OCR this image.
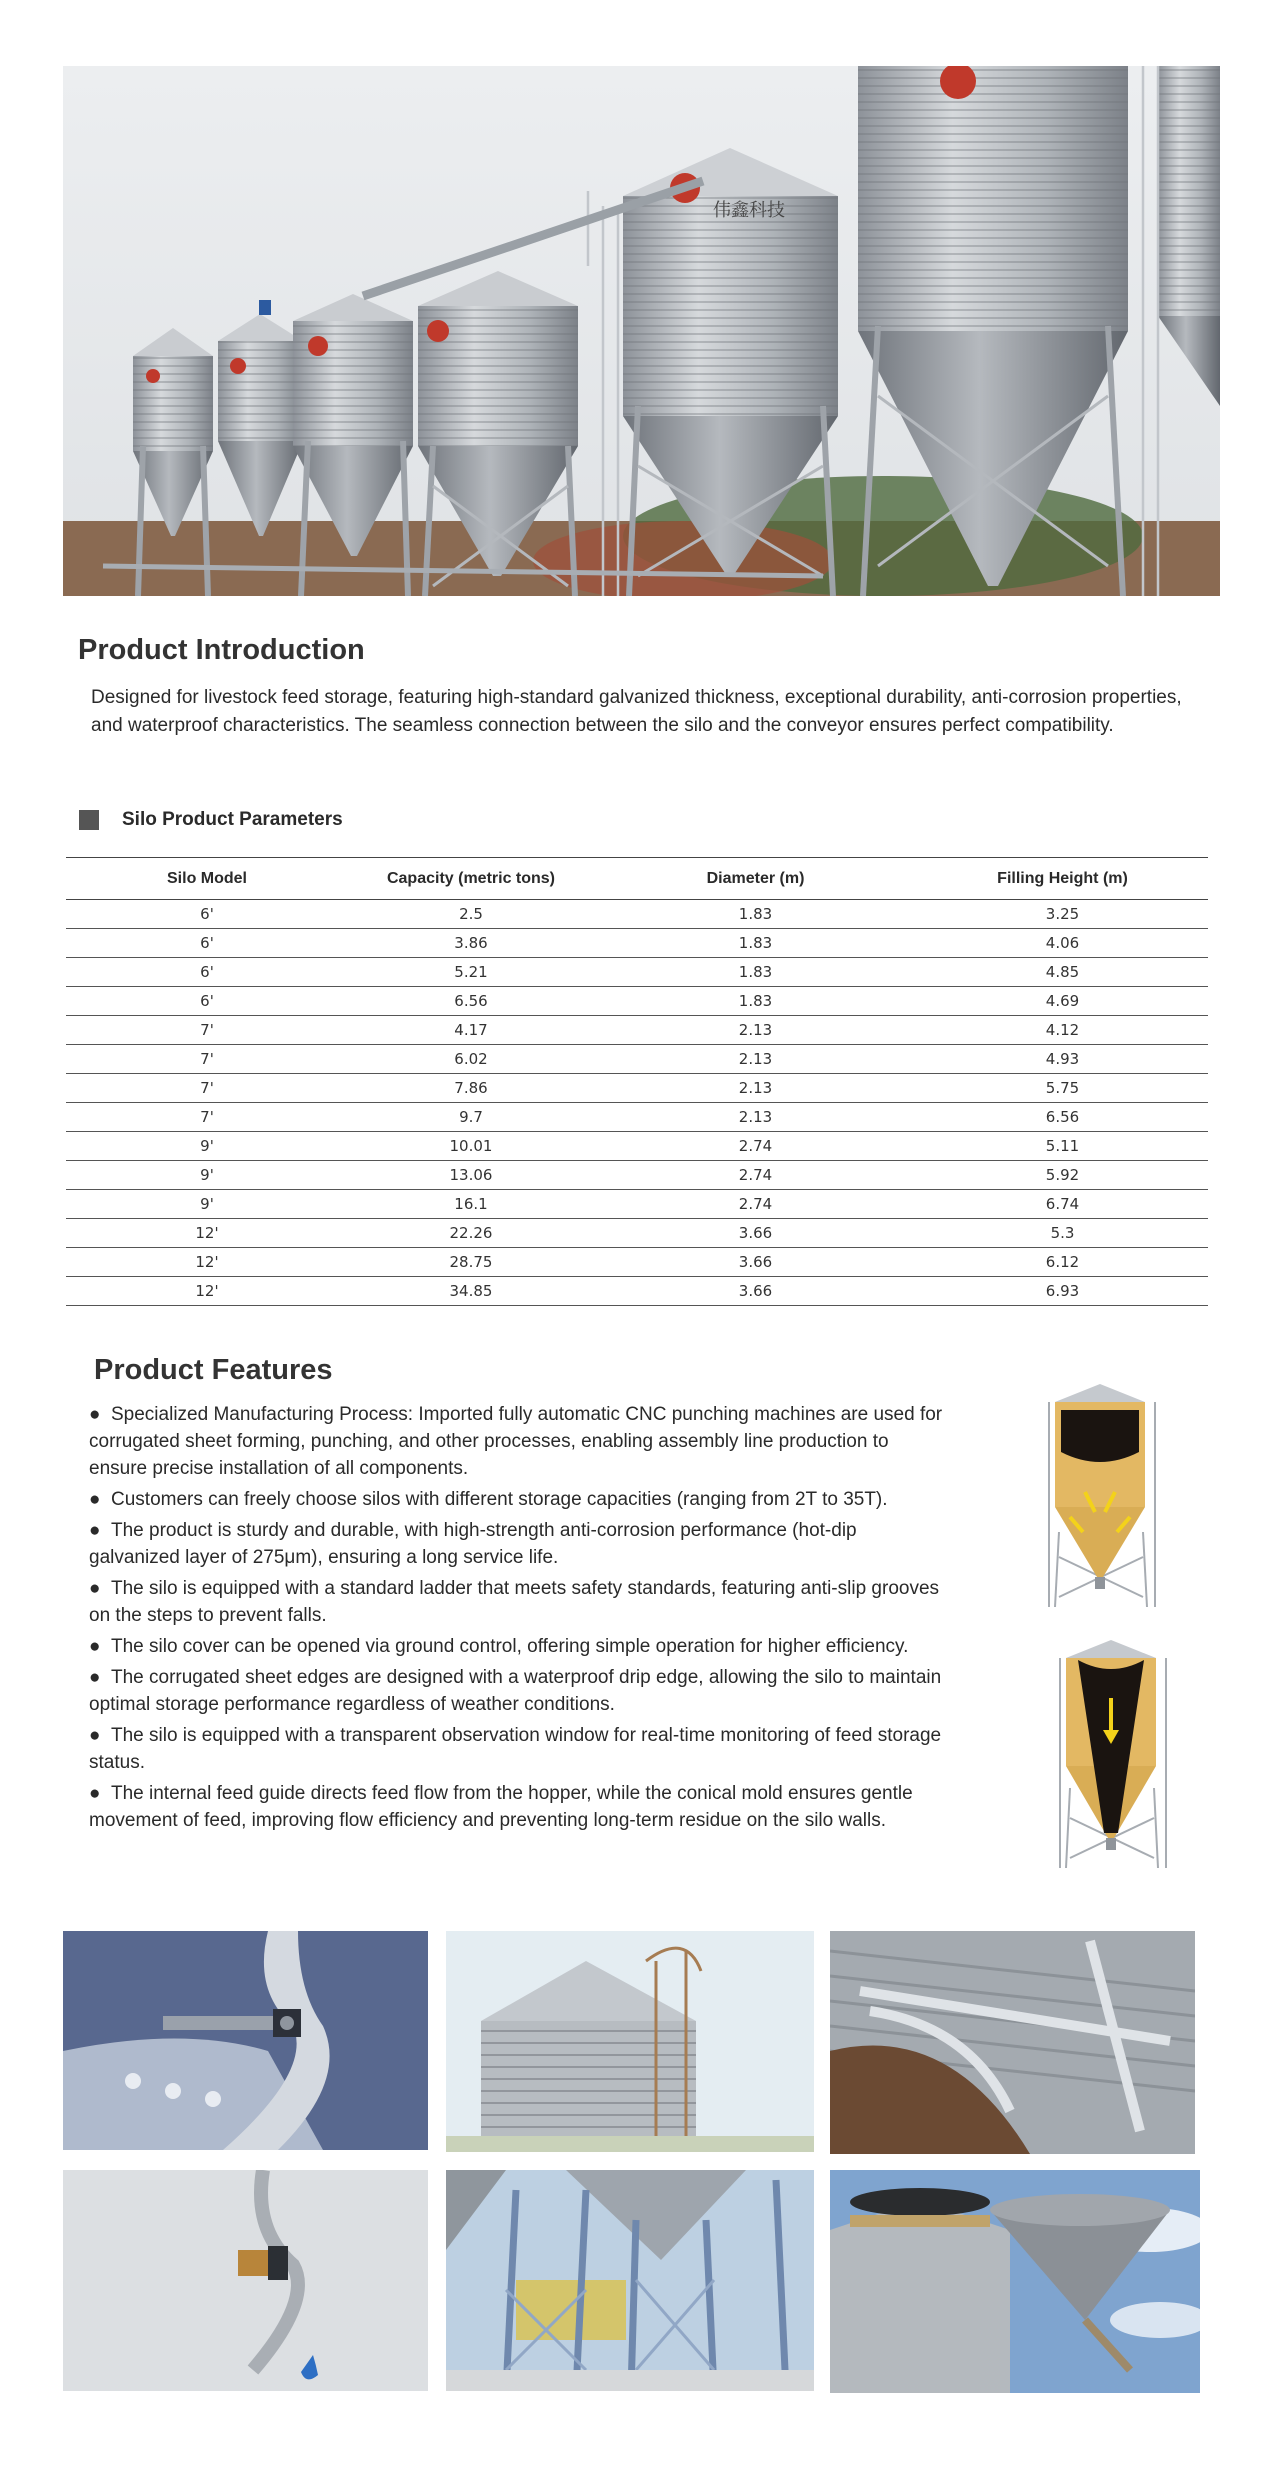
伟鑫科技
Product Introduction

Designed for livestock feed storage, featuring high-standard galvanized thickness, exceptional durability, anti-corrosion properties, and waterproof characteristics. The seamless connection between the silo and the conveyor ensures perfect compatibility.

Silo Product Parameters
Silo Model	Capacity (metric tons)	Diameter (m)	Filling Height (m)
6'	2.5	1.83	3.25
6'	3.86	1.83	4.06
6'	5.21	1.83	4.85
6'	6.56	1.83	4.69
7'	4.17	2.13	4.12
7'	6.02	2.13	4.93
7'	7.86	2.13	5.75
7'	9.7	2.13	6.56
9'	10.01	2.74	5.11
9'	13.06	2.74	5.92
9'	16.1	2.74	6.74
12'	22.26	3.66	5.3
12'	28.75	3.66	6.12
12'	34.85	3.66	6.93
Product Features
● Specialized Manufacturing Process: Imported fully automatic CNC punching machines are used for corrugated sheet forming, punching, and other processes, enabling assembly line production to ensure precise installation of all components.
● Customers can freely choose silos with different storage capacities (ranging from 2T to 35T).
● The product is sturdy and durable, with high-strength anti-corrosion performance (hot-dip galvanized layer of 275μm), ensuring a long service life.
● The silo is equipped with a standard ladder that meets safety standards, featuring anti-slip grooves on the steps to prevent falls.
● The silo cover can be opened via ground control, offering simple operation for higher efficiency.
● The corrugated sheet edges are designed with a waterproof drip edge, allowing the silo to maintain optimal storage performance regardless of weather conditions.
● The silo is equipped with a transparent observation window for real-time monitoring of feed storage status.
● The internal feed guide directs feed flow from the hopper, while the conical mold ensures gentle movement of feed, improving flow efficiency and preventing long-term residue on the silo walls.
